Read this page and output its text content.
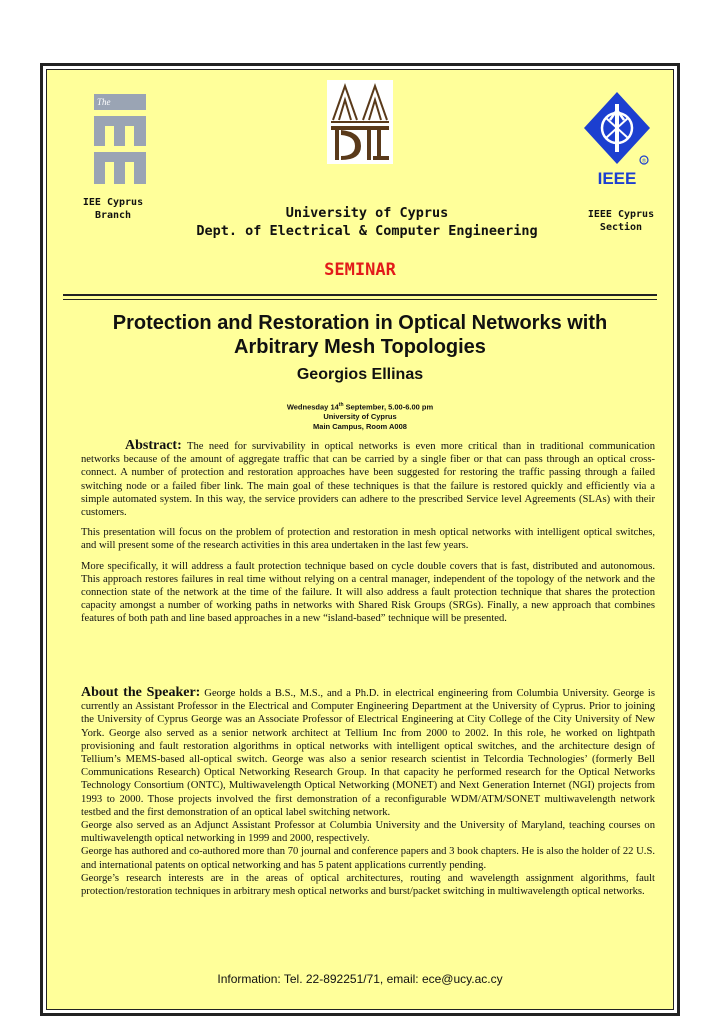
The
®
IEEE
IEE Cyprus
Branch	University of Cyprus
Dept. of Electrical & Computer Engineering
IEEE Cyprus
Section
SEMINAR
Protection and Restoration in Optical Networks with
Arbitrary Mesh Topologies
Georgios Ellinas
Wednesday 14th September, 5.00-6.00 pm
University of Cyprus
Main Campus, Room A008

Abstract: The need for survivability in optical networks is even more critical than in traditional communication networks because of the amount of aggregate traffic that can be carried by a single fiber or that can pass through an optical cross-connect. A number of protection and restoration approaches have been suggested for restoring the traffic passing through a failed switching node or a failed fiber link. The main goal of these techniques is that the failure is restored quickly and efficiently via a simple automated system. In this way, the service providers can adhere to the prescribed Service level Agreements (SLAs) with their customers.

This presentation will focus on the problem of protection and restoration in mesh optical networks with intelligent optical switches, and will present some of the research activities in this area undertaken in the last few years.

More specifically, it will address a fault protection technique based on cycle double covers that is fast, distributed and autonomous. This approach restores failures in real time without relying on a central manager, independent of the topology of the network and the connection state of the network at the time of the failure. It will also address a fault protection technique that shares the protection capacity amongst a number of working paths in networks with Shared Risk Groups (SRGs). Finally, a new approach that combines features of both path and line based approaches in a new “island-based” technique will be presented.

About the Speaker: George holds a B.S., M.S., and a Ph.D. in electrical engineering from Columbia University. George is currently an Assistant Professor in the Electrical and Computer Engineering Department at the University of Cyprus. Prior to joining the University of Cyprus George was an Associate Professor of Electrical Engineering at City College of the City University of New York. George also served as a senior network architect at Tellium Inc from 2000 to 2002. In this role, he worked on lightpath provisioning and fault restoration algorithms in optical networks with intelligent optical switches, and the architecture design of Tellium’s MEMS-based all-optical switch. George was also a senior research scientist in Telcordia Technologies’ (formerly Bell Communications Research) Optical Networking Research Group. In that capacity he performed research for the Optical Networks Technology Consortium (ONTC), Multiwavelength Optical Networking (MONET) and Next Generation Internet (NGI) projects from 1993 to 2000. Those projects involved the first demonstration of a reconfigurable WDM/ATM/SONET multiwavelength network testbed and the first demonstration of an optical label switching network.

George also served as an Adjunct Assistant Professor at Columbia University and the University of Maryland, teaching courses on multiwavelength optical networking in 1999 and 2000, respectively.

George has authored and co-authored more than 70 journal and conference papers and 3 book chapters. He is also the holder of 22 U.S. and international patents on optical networking and has 5 patent applications currently pending.

George’s research interests are in the areas of optical architectures, routing and wavelength assignment algorithms, fault protection/restoration techniques in arbitrary mesh optical networks and burst/packet switching in multiwavelength optical networks.

Information: Tel. 22-892251/71, email: ece@ucy.ac.cy
